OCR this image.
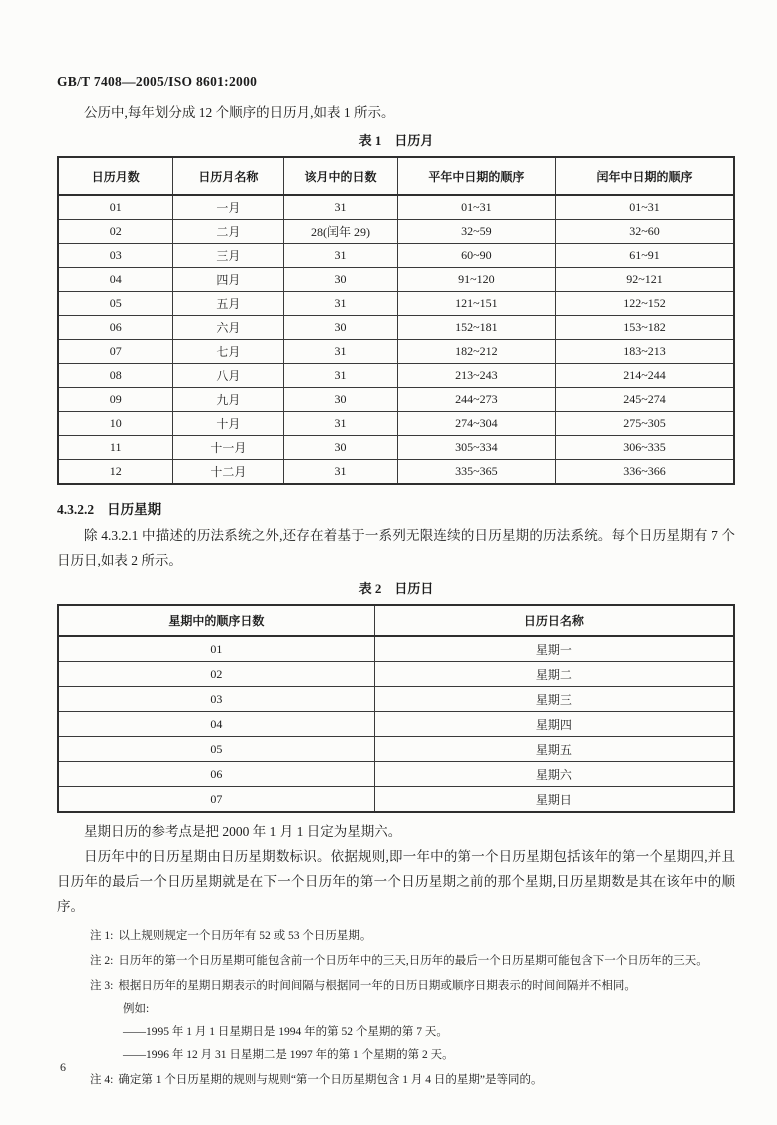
GB/T 7408—2005/ISO 8601:2000

公历中,每年划分成 12 个顺序的日历月,如表 1 所示。

表 1　日历月
日历月数	日历月名称	该月中的日数	平年中日期的顺序	闰年中日期的顺序
01	一月	31	01~31	01~31
02	二月	28(闰年 29)	32~59	32~60
03	三月	31	60~90	61~91
04	四月	30	91~120	92~121
05	五月	31	121~151	122~152
06	六月	30	152~181	153~182
07	七月	31	182~212	183~213
08	八月	31	213~243	214~244
09	九月	30	244~273	245~274
10	十月	31	274~304	275~305
11	十一月	30	305~334	306~335
12	十二月	31	335~365	336~366
4.3.2.2 日历星期

除 4.3.2.1 中描述的历法系统之外,还存在着基于一系列无限连续的日历星期的历法系统。每个日历星期有 7 个日历日,如表 2 所示。

表 2　日历日
星期中的顺序日数	日历日名称
01	星期一
02	星期二
03	星期三
04	星期四
05	星期五
06	星期六
07	星期日

星期日历的参考点是把 2000 年 1 月 1 日定为星期六。

日历年中的日历星期由日历星期数标识。依据规则,即一年中的第一个日历星期包括该年的第一个星期四,并且日历年的最后一个日历星期就是在下一个日历年的第一个日历星期之前的那个星期,日历星期数是其在该年中的顺序。

注 1: 以上规则规定一个日历年有 52 或 53 个日历星期。
注 2: 日历年的第一个日历星期可能包含前一个日历年中的三天,日历年的最后一个日历星期可能包含下一个日历年的三天。
注 3: 根据日历年的星期日期表示的时间间隔与根据同一年的日历日期或顺序日期表示的时间间隔并不相同。
例如:
——1995 年 1 月 1 日星期日是 1994 年的第 52 个星期的第 7 天。
——1996 年 12 月 31 日星期二是 1997 年的第 1 个星期的第 2 天。
注 4: 确定第 1 个日历星期的规则与规则“第一个日历星期包含 1 月 4 日的星期”是等同的。
6
